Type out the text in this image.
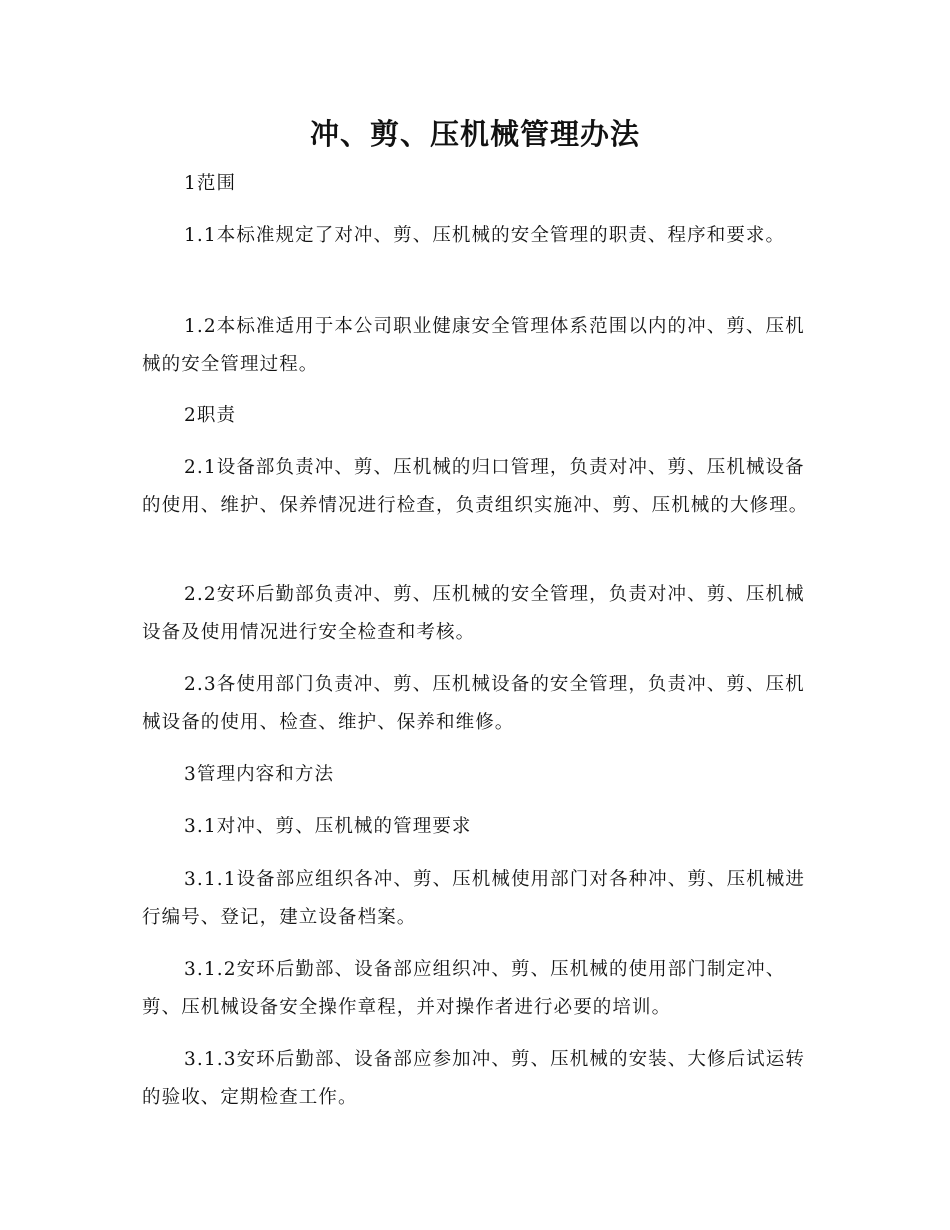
冲、剪、压机械管理办法

1范围

1.1本标准规定了对冲、剪、压机械的安全管理的职责、程序和要求。

1.2本标准适用于本公司职业健康安全管理体系范围以内的冲、剪、压机械的安全管理过程。

2职责

2.1设备部负责冲、剪、压机械的归口管理，负责对冲、剪、压机械设备的使用、维护、保养情况进行检查，负责组织实施冲、剪、压机械的大修理。

2.2安环后勤部负责冲、剪、压机械的安全管理，负责对冲、剪、压机械设备及使用情况进行安全检查和考核。

2.3各使用部门负责冲、剪、压机械设备的安全管理，负责冲、剪、压机械设备的使用、检查、维护、保养和维修。

3管理内容和方法

3.1对冲、剪、压机械的管理要求

3.1.1设备部应组织各冲、剪、压机械使用部门对各种冲、剪、压机械进行编号、登记，建立设备档案。

3.1.2安环后勤部、设备部应组织冲、剪、压机械的使用部门制定冲、剪、压机械设备安全操作章程，并对操作者进行必要的培训。

3.1.3安环后勤部、设备部应参加冲、剪、压机械的安装、大修后试运转的验收、定期检查工作。
